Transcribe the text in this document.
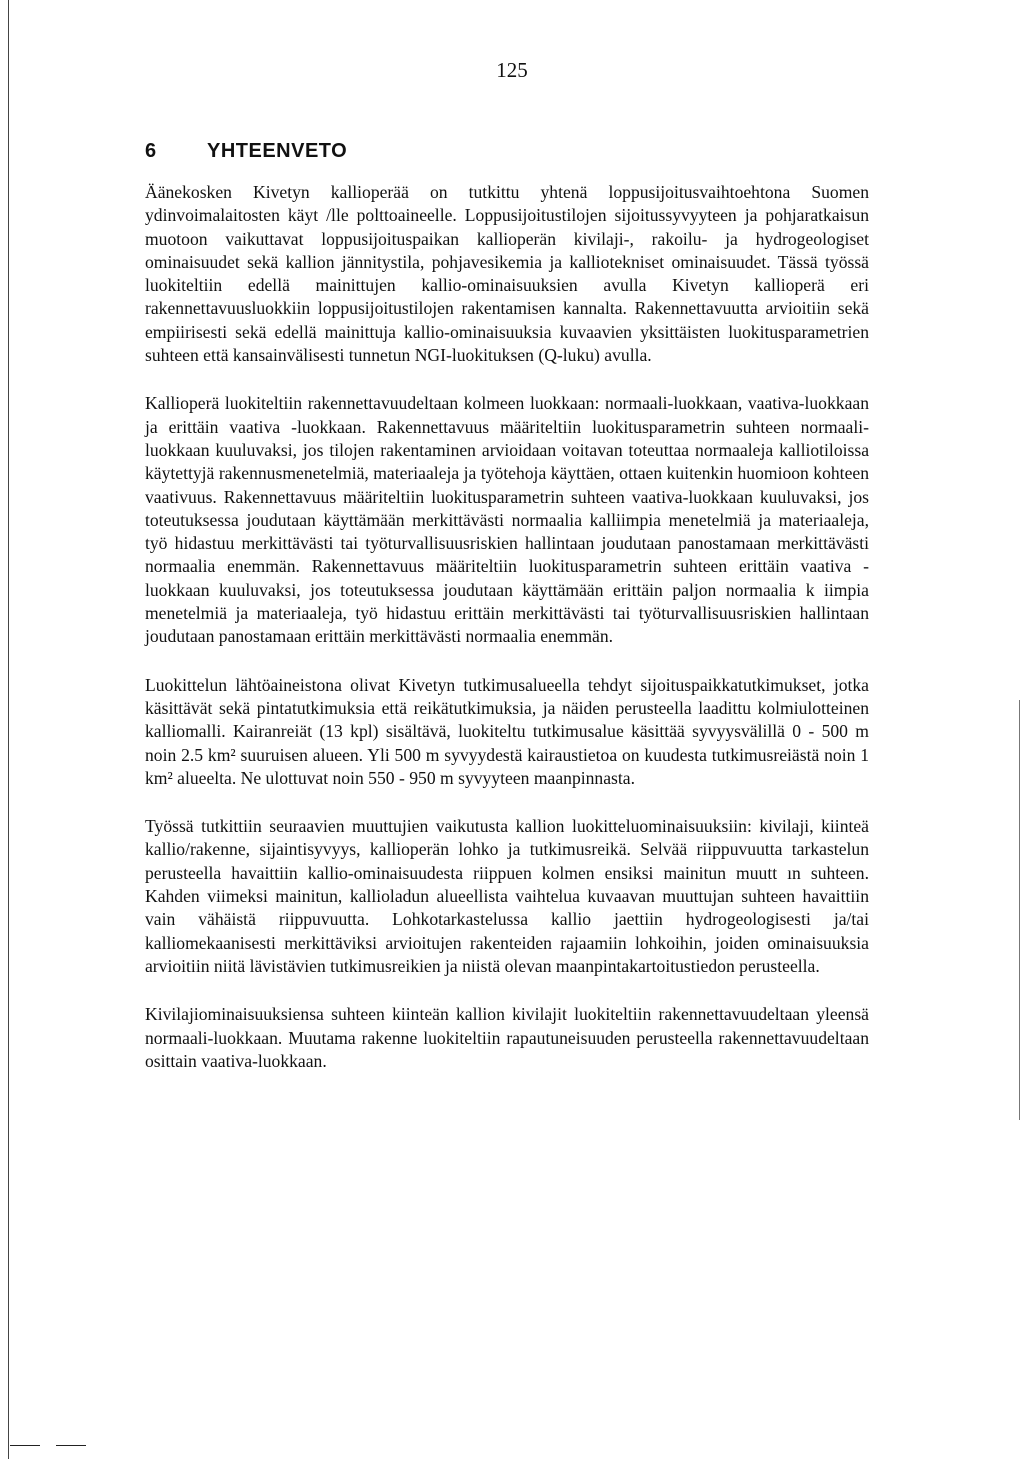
125
6	YHTEENVETO

Äänekosken Kivetyn kallioperää on tutkittu yhtenä loppusijoitusvaihtoehtona Suomen ydinvoimalaitosten käyt /lle polttoaineelle. Loppusijoitustilojen sijoitussyvyyteen ja pohjaratkaisun muotoon vaikuttavat loppusijoituspaikan kallioperän kivilaji-, rakoilu- ja hydrogeologiset ominaisuudet sekä kallion jännitystila, pohjavesikemia ja kalliotekniset ominaisuudet. Tässä työssä luokiteltiin edellä mainittujen kallio-ominaisuuksien avulla Kivetyn kallioperä eri rakennettavuusluokkiin loppusijoitustilojen rakentamisen kannalta. Rakennettavuutta arvioitiin sekä empiirisesti sekä edellä mainittuja kallio-ominaisuuksia kuvaavien yksittäisten luokitusparametrien suhteen että kansainvälisesti tunnetun NGI-luokituksen (Q-luku) avulla.

Kallioperä luokiteltiin rakennettavuudeltaan kolmeen luokkaan: normaali-luokkaan, vaativa-luokkaan ja erittäin vaativa -luokkaan. Rakennettavuus määriteltiin luokitusparametrin suhteen normaali-luokkaan kuuluvaksi, jos tilojen rakentaminen arvioidaan voitavan toteuttaa normaaleja kalliotiloissa käytettyjä rakennusmenetelmiä, materiaaleja ja työtehoja käyttäen, ottaen kuitenkin huomioon kohteen vaativuus. Rakennettavuus määriteltiin luokitusparametrin suhteen vaativa-luokkaan kuuluvaksi, jos toteutuksessa joudutaan käyttämään merkittävästi normaalia kalliimpia menetelmiä ja materiaaleja, työ hidastuu merkittävästi tai työturvallisuusriskien hallintaan joudutaan panostamaan merkittävästi normaalia enemmän. Rakennettavuus määriteltiin luokitusparametrin suhteen erittäin vaativa -luokkaan kuuluvaksi, jos toteutuksessa joudutaan käyttämään erittäin paljon normaalia k iimpia menetelmiä ja materiaaleja, työ hidastuu erittäin merkittävästi tai työturvallisuusriskien hallintaan joudutaan panostamaan erittäin merkittävästi normaalia enemmän.

Luokittelun lähtöaineistona olivat Kivetyn tutkimusalueella tehdyt sijoituspaikkatutkimukset, jotka käsittävät sekä pintatutkimuksia että reikätutkimuksia, ja näiden perusteella laadittu kolmiulotteinen kalliomalli. Kairanreiät (13 kpl) sisältävä, luokiteltu tutkimusalue käsittää syvyysvälillä 0 - 500 m noin 2.5 km² suuruisen alueen. Yli 500 m syvyydestä kairaustietoa on kuudesta tutkimusreiästä noin 1 km² alueelta. Ne ulottuvat noin 550 - 950 m syvyyteen maanpinnasta.

Työssä tutkittiin seuraavien muuttujien vaikutusta kallion luokitteluominaisuuksiin: kivilaji, kiinteä kallio/rakenne, sijaintisyvyys, kallioperän lohko ja tutkimusreikä. Selvää riippuvuutta tarkastelun perusteella havaittiin kallio-ominaisuudesta riippuen kolmen ensiksi mainitun muutt ın suhteen. Kahden viimeksi mainitun, kallioladun alueellista vaihtelua kuvaavan muuttujan suhteen havaittiin vain vähäistä riippuvuutta. Lohkotarkastelussa kallio jaettiin hydrogeologisesti ja/tai kalliomekaanisesti merkittäviksi arvioitujen rakenteiden rajaamiin lohkoihin, joiden ominaisuuksia arvioitiin niitä lävistävien tutkimusreikien ja niistä olevan maanpintakartoitustiedon perusteella.

Kivilajiominaisuuksiensa suhteen kiinteän kallion kivilajit luokiteltiin rakennettavuudeltaan yleensä normaali-luokkaan. Muutama rakenne luokiteltiin rapautuneisuuden perusteella rakennettavuudeltaan osittain vaativa-luokkaan.
